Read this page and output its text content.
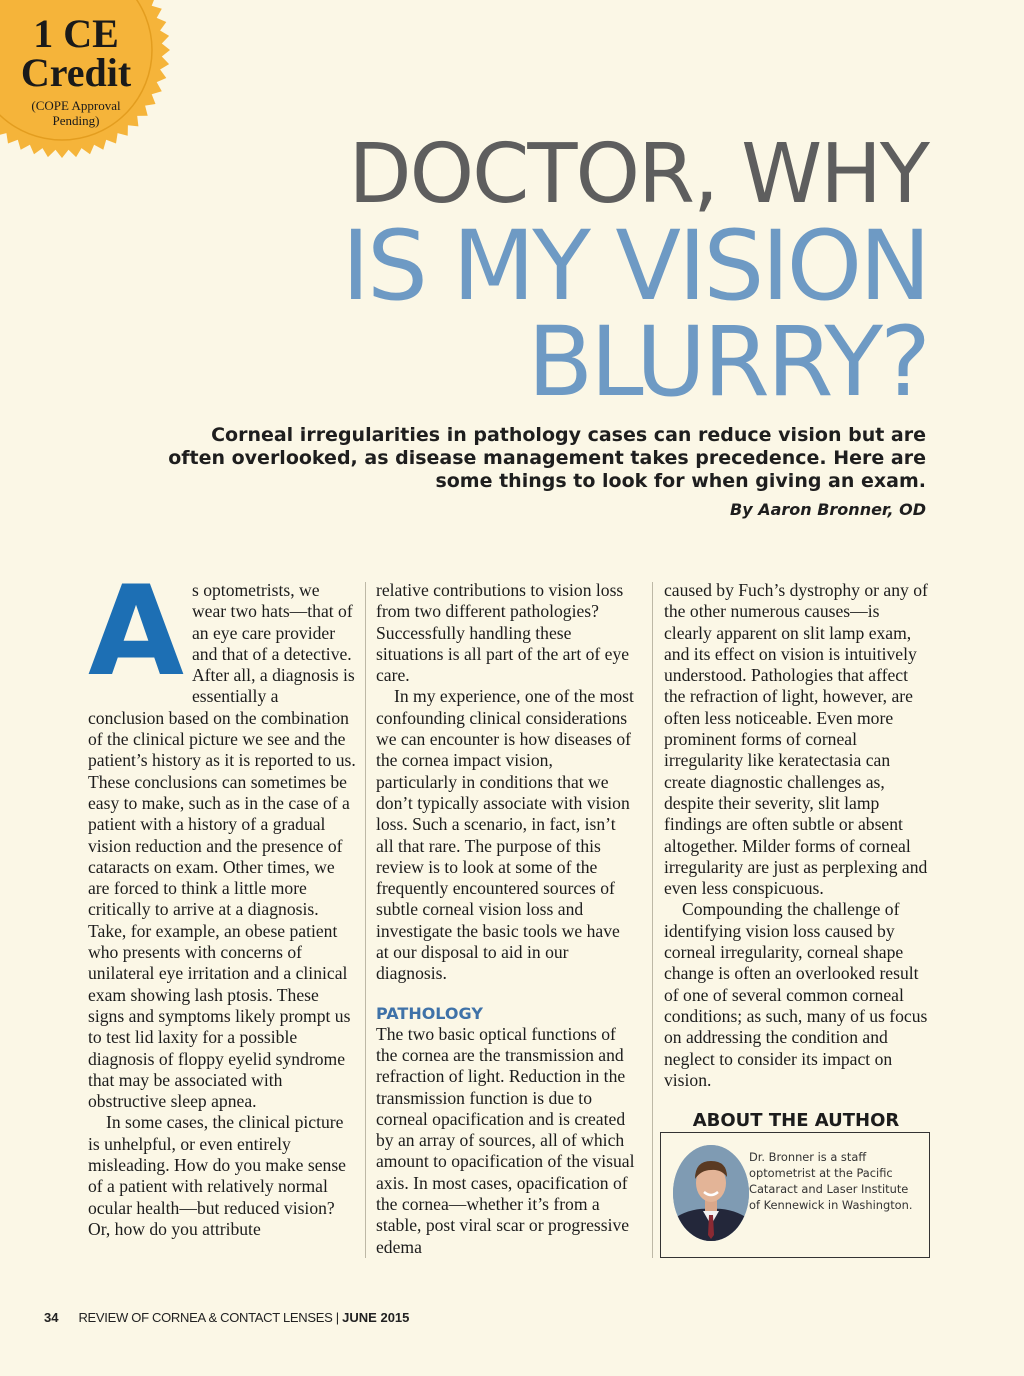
1 CE
Credit
(COPE Approval
Pending)
DOCTOR, WHY
IS MY VISION
BLURRY?
Corneal irregularities in pathology cases can reduce vision but are
often overlooked, as disease management takes precedence. Here are
some things to look for when giving an exam.
By Aaron Bronner, OD
A s optometrists, we wear two hats—that of an eye care provider and that of a detective. After all, a diagnosis is essentially a conclusion based on the combination of the clinical picture we see and the patient’s history as it is reported to us. These conclusions can sometimes be easy to make, such as in the case of a patient with a history of a gradual vision reduction and the presence of cataracts on exam. Other times, we are forced to think a little more critically to arrive at a diagnosis. Take, for example, an obese patient who presents with concerns of unilateral eye irritation and a clinical exam showing lash ptosis. These signs and symptoms likely prompt us to test lid laxity for a possible diagnosis of floppy eyelid syndrome that may be associated with obstructive sleep apnea.

In some cases, the clinical picture is unhelpful, or even entirely misleading. How do you make sense of a patient with relatively normal ocular health—but reduced vision? Or, how do you attribute

relative contributions to vision loss from two different pathologies? Successfully handling these situations is all part of the art of eye care.

In my experience, one of the most confounding clinical considerations we can encounter is how diseases of the cornea impact vision, particularly in conditions that we don’t typically associate with vision loss. Such a scenario, in fact, isn’t all that rare. The purpose of this review is to look at some of the frequently encountered sources of subtle corneal vision loss and investigate the basic tools we have at our disposal to aid in our diagnosis.

PATHOLOGY

The two basic optical functions of the cornea are the transmission and refraction of light. Reduction in the transmission function is due to corneal opacification and is created by an array of sources, all of which amount to opacification of the visual axis. In most cases, opacification of the cornea—whether it’s from a stable, post viral scar or progressive edema

caused by Fuch’s dystrophy or any of the other numerous causes—is clearly apparent on slit lamp exam, and its effect on vision is intuitively understood. Pathologies that affect the refraction of light, however, are often less noticeable. Even more prominent forms of corneal irregularity like keratectasia can create diagnostic challenges as, despite their severity, slit lamp findings are often subtle or absent altogether. Milder forms of corneal irregularity are just as perplexing and even less conspicuous.

Compounding the challenge of identifying vision loss caused by corneal irregularity, corneal shape change is often an overlooked result of one of several common corneal conditions; as such, many of us focus on addressing the condition and neglect to consider its impact on vision.

ABOUT THE AUTHOR
Dr. Bronner is a staff optometrist at the Pacific Cataract and Laser Institute of Kennewick in Washington.
34 REVIEW OF CORNEA & CONTACT LENSES | JUNE 2015
